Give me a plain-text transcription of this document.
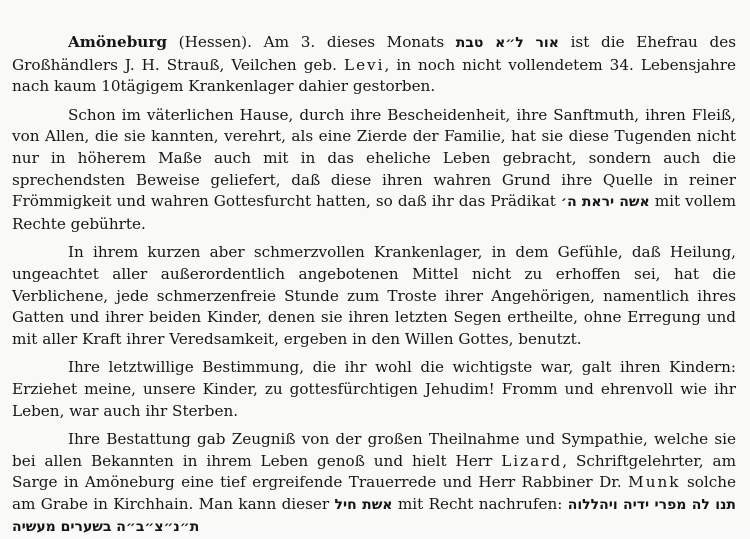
Amöneburg (Hessen). Am 3. dieses Monats אור ל״א טבת ist die Ehefrau des Großhändlers J. H. Strauß, Veilchen geb. Levi, in noch nicht vollendetem 34. Lebensjahre nach kaum 10tägigem Krankenlager dahier gestorben.

Schon im väterlichen Hause, durch ihre Bescheidenheit, ihre Sanftmuth, ihren Fleiß, von Allen, die sie kannten, verehrt, als eine Zierde der Familie, hat sie diese Tugenden nicht nur in höherem Maße auch mit in das eheliche Leben gebracht, sondern auch die sprechendsten Beweise geliefert, daß diese ihren wahren Grund ihre Quelle in reiner Frömmigkeit und wahren Gottesfurcht hatten, so daß ihr das Prädikat אשה יראת ה׳ mit vollem Rechte gebührte.

In ihrem kurzen aber schmerzvollen Krankenlager, in dem Gefühle, daß Heilung, ungeachtet aller außerordentlich angebotenen Mittel nicht zu erhoffen sei, hat die Verblichene, jede schmerzenfreie Stunde zum Troste ihrer Angehörigen, namentlich ihres Gatten und ihrer beiden Kinder, denen sie ihren letzten Segen ertheilte, ohne Erregung und mit aller Kraft ihrer Veredsamkeit, ergeben in den Willen Gottes, benutzt.

Ihre letztwillige Bestimmung, die ihr wohl die wichtigste war, galt ihren Kindern: Erziehet meine, unsere Kinder, zu gottesfürchtigen Jehudim! Fromm und ehrenvoll wie ihr Leben, war auch ihr Sterben.

Ihre Bestattung gab Zeugniß von der großen Theilnahme und Sympathie, welche sie bei allen Bekannten in ihrem Leben genoß und hielt Herr Lizard, Schriftgelehrter, am Sarge in Amöneburg eine tief ergreifende Trauerrede und Herr Rabbiner Dr. Munk solche am Grabe in Kirchhain. Man kann dieser אשת חיל mit Recht nachrufen: תנו לה מפרי ידיה ויהללוה בשערים מעשיה ת״נ״צ״ב״ה
